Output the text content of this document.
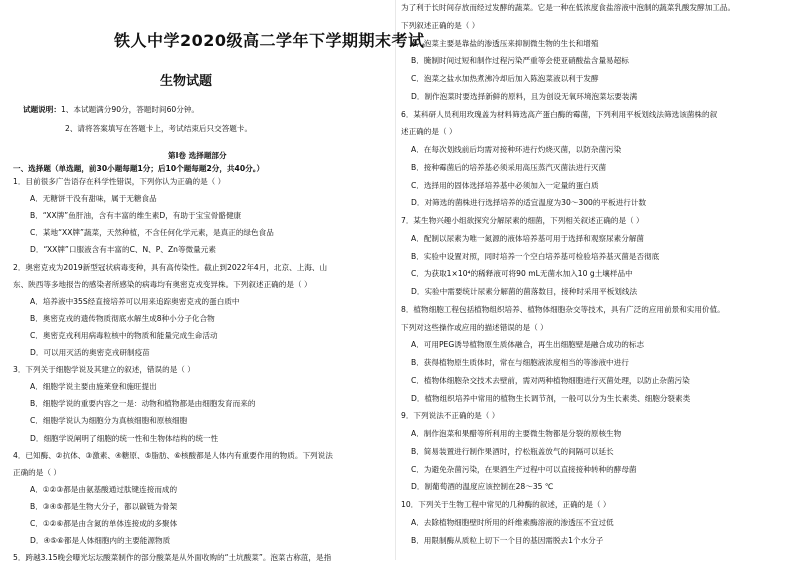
铁人中学2020级高二学年下学期期末考试
生物试题
试题说明：1、本试题满分90分，答题时间60分钟。
2、请将答案填写在答题卡上，考试结束后只交答题卡。
第Ⅰ卷 选择题部分
一、选择题（单选题，前30小题每题1分；后10个题每题2分，共40分。）
1．目前很多广告语存在科学性错误，下列你认为正确的是（ ）
A．无糖饼干没有甜味，属于无糖食品
B．“XX牌”鱼肝油，含有丰富的维生素D，有助于宝宝骨骼健康
C．某地“XX牌”蔬菜，天然种植，不含任何化学元素，是真正的绿色食品
D．“XX牌”口服液含有丰富的C、N、P、Zn等微量元素
2．奥密克戎为2019新型冠状病毒变种，具有高传染性。截止到2022年4月，北京、上海、山
东、陕西等多地报告的感染者所感染的病毒均有奥密克戎变异株。下列叙述正确的是（ ）
A．培养液中35S经直接培养可以用来追踪奥密克戎的蛋白质中
B．奥密克戎的遗传物质彻底水解生成8种小分子化合物
C．奥密克戎利用病毒粒核中的物质和能量完成生命活动
D．可以用灭活的奥密克戎研制疫苗
3．下列关于细胞学说及其建立的叙述，错误的是（ ）
A．细胞学说主要由施莱登和施旺提出
B．细胞学说的重要内容之一是：动物和植物都是由细胞发育而来的
C．细胞学说认为细胞分为真核细胞和原核细胞
D．细胞学说阐明了细胞的统一性和生物体结构的统一性
4．已知酶、②抗体、③激素、④糖原、⑤脂肪、⑥核酸都是人体内有重要作用的物质。下列说法
正确的是（ ）
A．①②③都是由氨基酸通过肽键连接而成的
B．③④⑤都是生物大分子，都以碳链为骨架
C．①②⑥都是由含氮的单体连接成的多聚体
D．④⑤⑥都是人体细胞内的主要能源物质
5．跨越3.15晚会曝光坛坛酸菜制作的部分酸菜是从外面收购的“土坑酸菜”。泡菜古称菹，是指
为了利于长时间存放而经过发酵的蔬菜。它是一种在低浓度食盐溶液中泡制的蔬菜乳酸发酵加工品。
下列叙述正确的是（ ）
A．泡菜主要是靠盐的渗透压来抑制微生物的生长和增殖
B．腌制时间过短和制作过程污染严重等会使亚硝酸盐含量易超标
C．泡菜之盐水加热煮沸冷却后加入陈泡菜液以利于发酵
D．制作泡菜时要选择新鲜的原料，且为创设无氧环境泡菜坛要装满
6．某科研人员利用玫瑰盖为材料筛选高产蛋白酶的霉菌，下列利用平板划线法筛选该菌株的叙
述正确的是（ ）
A．在每次划线前后均需对接种环进行灼烧灭菌，以防杂菌污染
B．接种霉菌后的培养基必须采用高压蒸汽灭菌法进行灭菌
C．选择用的固体选择培养基中必须加入一定量的蛋白质
D．对筛选的菌株进行选择培养的适宜温度为30～300的平板进行计数
7．某生物兴趣小组欲探究分解尿素的细菌，下列相关叙述正确的是（ ）
A．配制以尿素为唯一氮源的液体培养基可用于选择和观察尿素分解菌
B．实验中设置对照，同时培养一个空白培养基可检验培养基灭菌是否彻底
C．为获取1×10⁴的稀释液可将90 mL无菌水加入10 g土壤样品中
D．实验中需要统计尿素分解菌的菌落数目，接种时采用平板划线法
8．植物细胞工程包括植物组织培养、植物体细胞杂交等技术，具有广泛的应用前景和实用价值。
下列对这些操作或应用的描述错误的是（ ）
A．可用PEG诱导植物原生质体融合，再生出细胞壁是融合成功的标志
B．获得植物原生质体时，常在与细胞液浓度相当的等渗液中进行
C．植物体细胞杂交技术去壁前，需对两种植物细胞进行灭菌处理，以防止杂菌污染
D．植物组织培养中常用的植物生长调节剂，一般可以分为生长素类、细胞分裂素类
9．下列说法不正确的是（ ）
A．制作泡菜和果醋等所利用的主要微生物都是分裂的原核生物
B．简易装置进行制作果酒时，拧松瓶盖放气的间隔可以延长
C．为避免杂菌污染，在果酒生产过程中可以直接接种转种的酵母菌
D．制葡萄酒的温度应该控制在28～35 ℃
10．下列关于生物工程中常见的几种酶的叙述，正确的是（ ）
A．去除植物细胞壁时所用的纤维素酶溶液的渗透压不宜过低
B．用限制酶从质粒上切下一个目的基因需脱去1个水分子
